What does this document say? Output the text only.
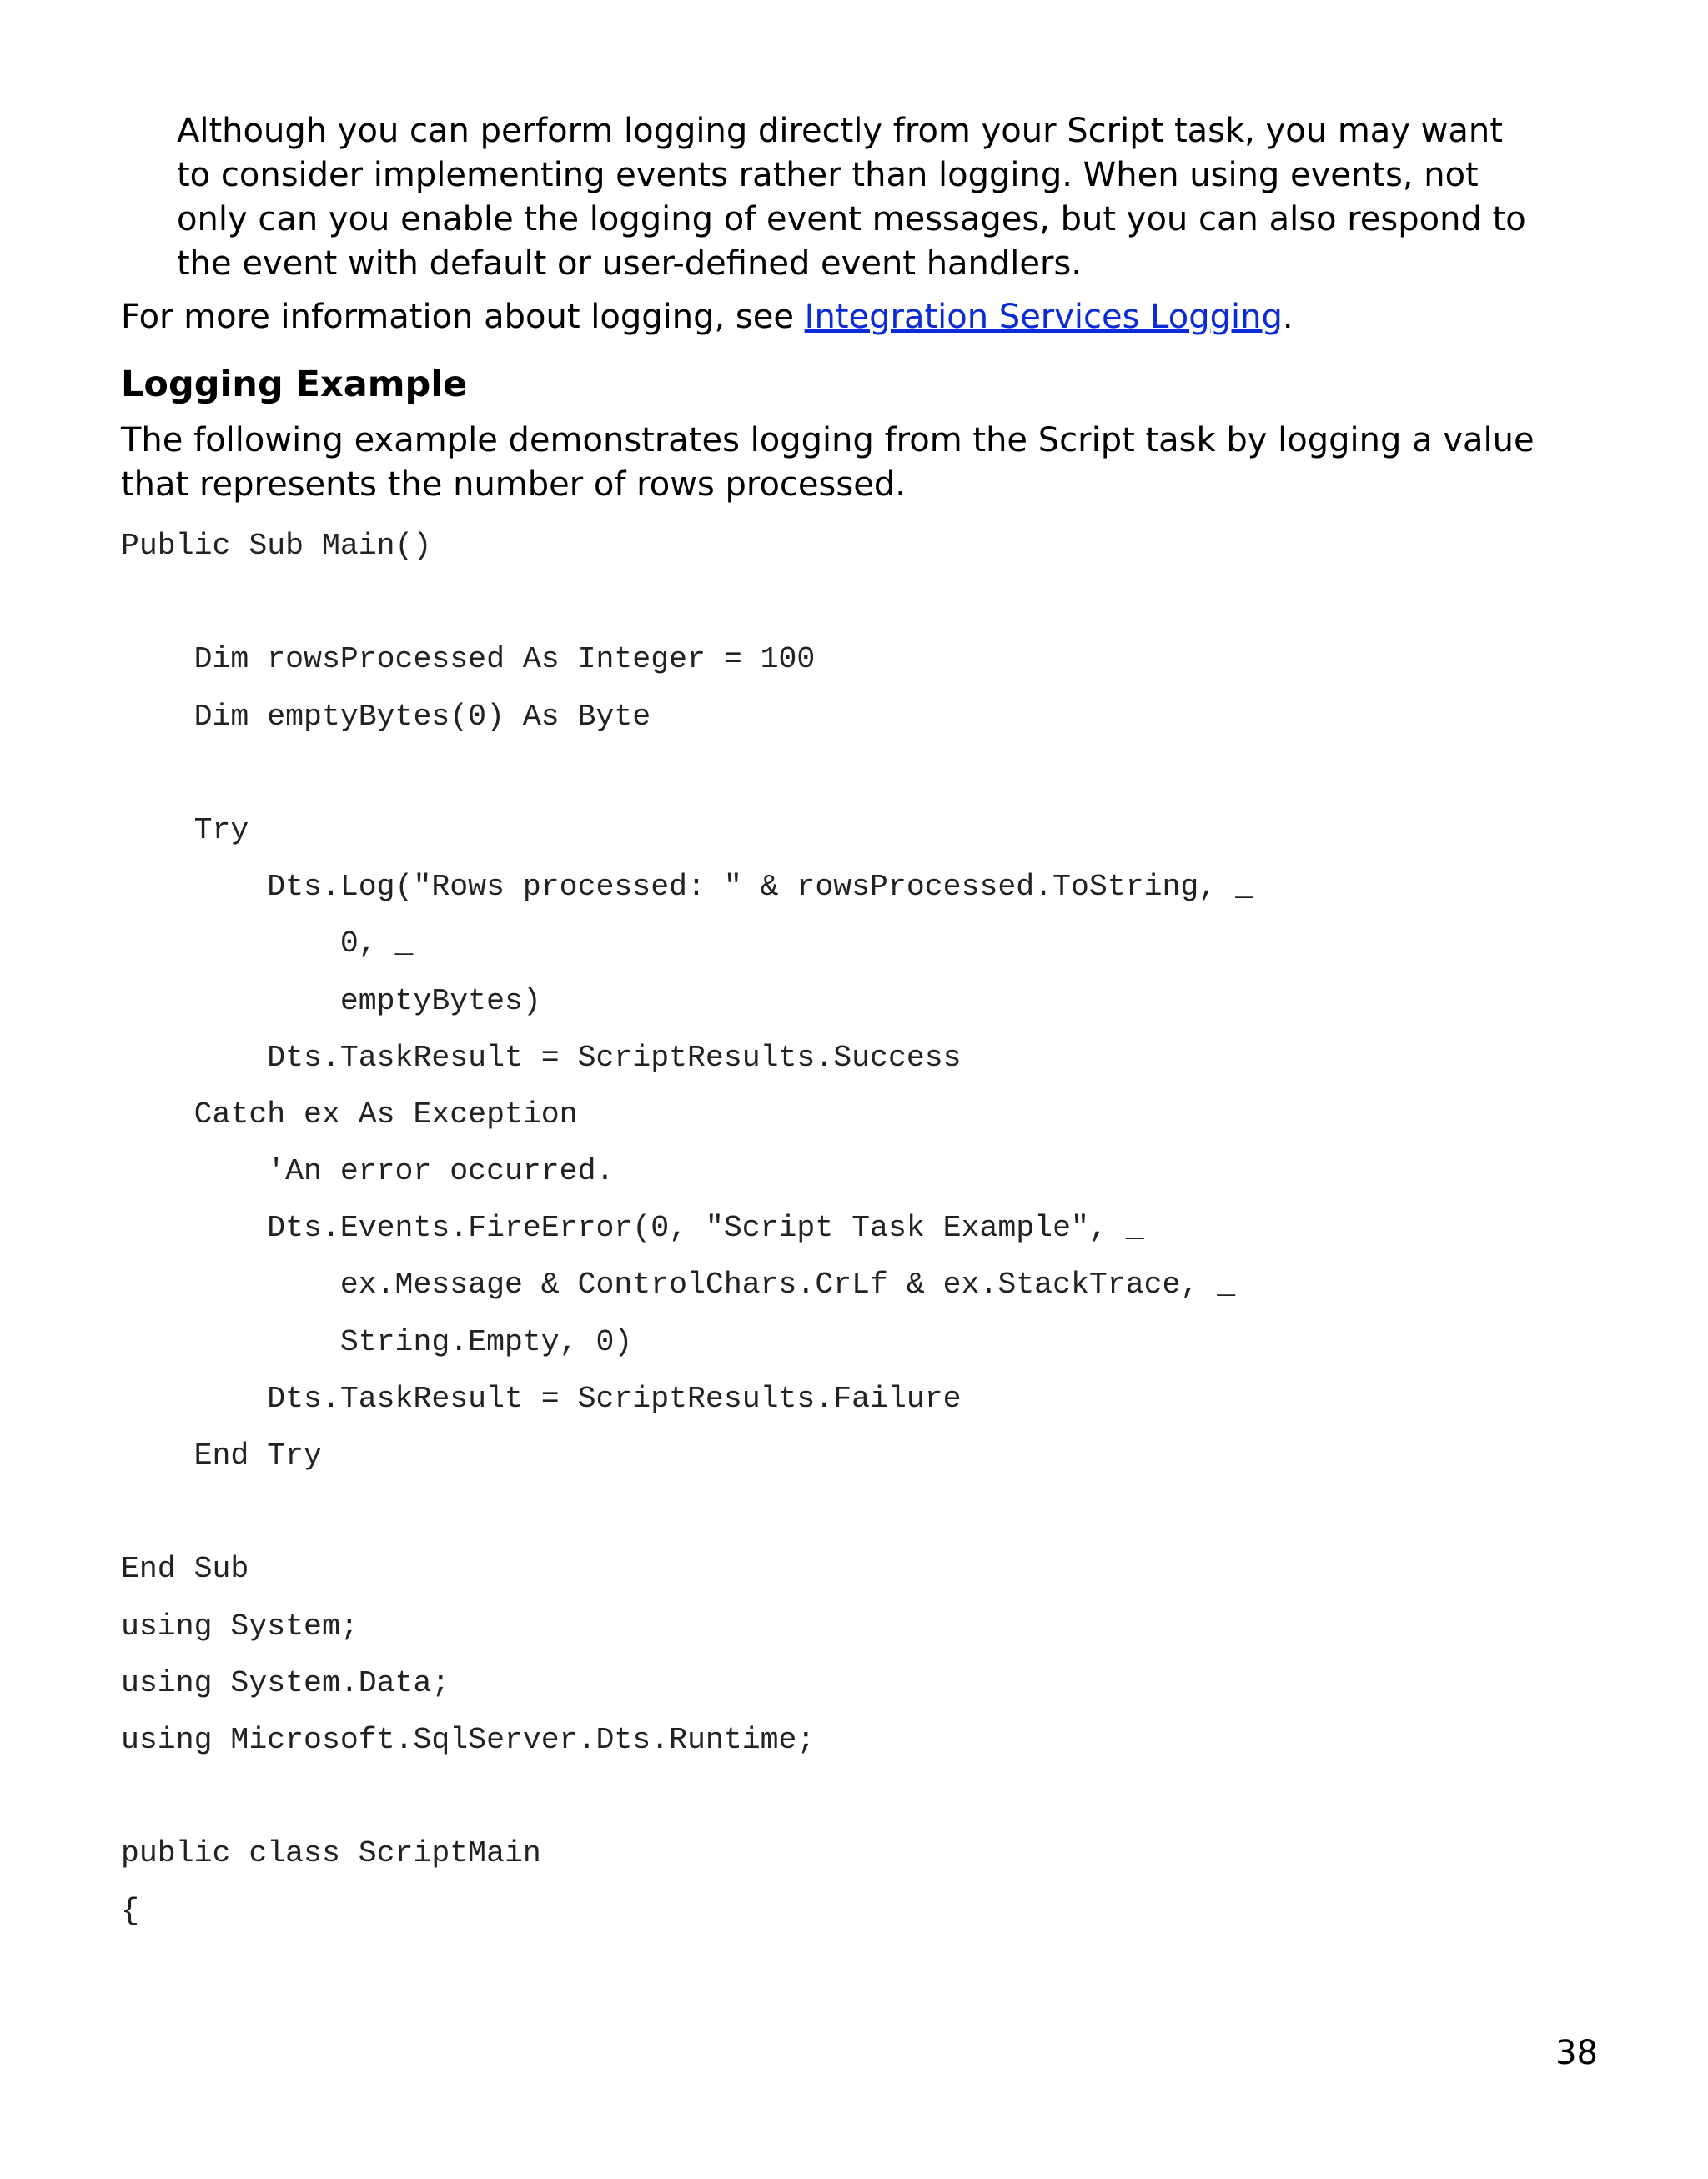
Although you can perform logging directly from your Script task, you may want to consider implementing events rather than logging. When using events, not only can you enable the logging of event messages, but you can also respond to the event with default or user-defined event handlers.

For more information about logging, see Integration Services Logging.

Logging Example

The following example demonstrates logging from the Script task by logging a value that represents the number of rows processed.

Public Sub Main()
Dim rowsProcessed As Integer = 100
Dim emptyBytes(0) As Byte
Try
Dts.Log("Rows processed: " & rowsProcessed.ToString, _
0, _
emptyBytes)
Dts.TaskResult = ScriptResults.Success
Catch ex As Exception
'An error occurred.
Dts.Events.FireError(0, "Script Task Example", _
ex.Message & ControlChars.CrLf & ex.StackTrace, _
String.Empty, 0)
Dts.TaskResult = ScriptResults.Failure
End Try
End Sub
using System;
using System.Data;
using Microsoft.SqlServer.Dts.Runtime;
public class ScriptMain
{
38
